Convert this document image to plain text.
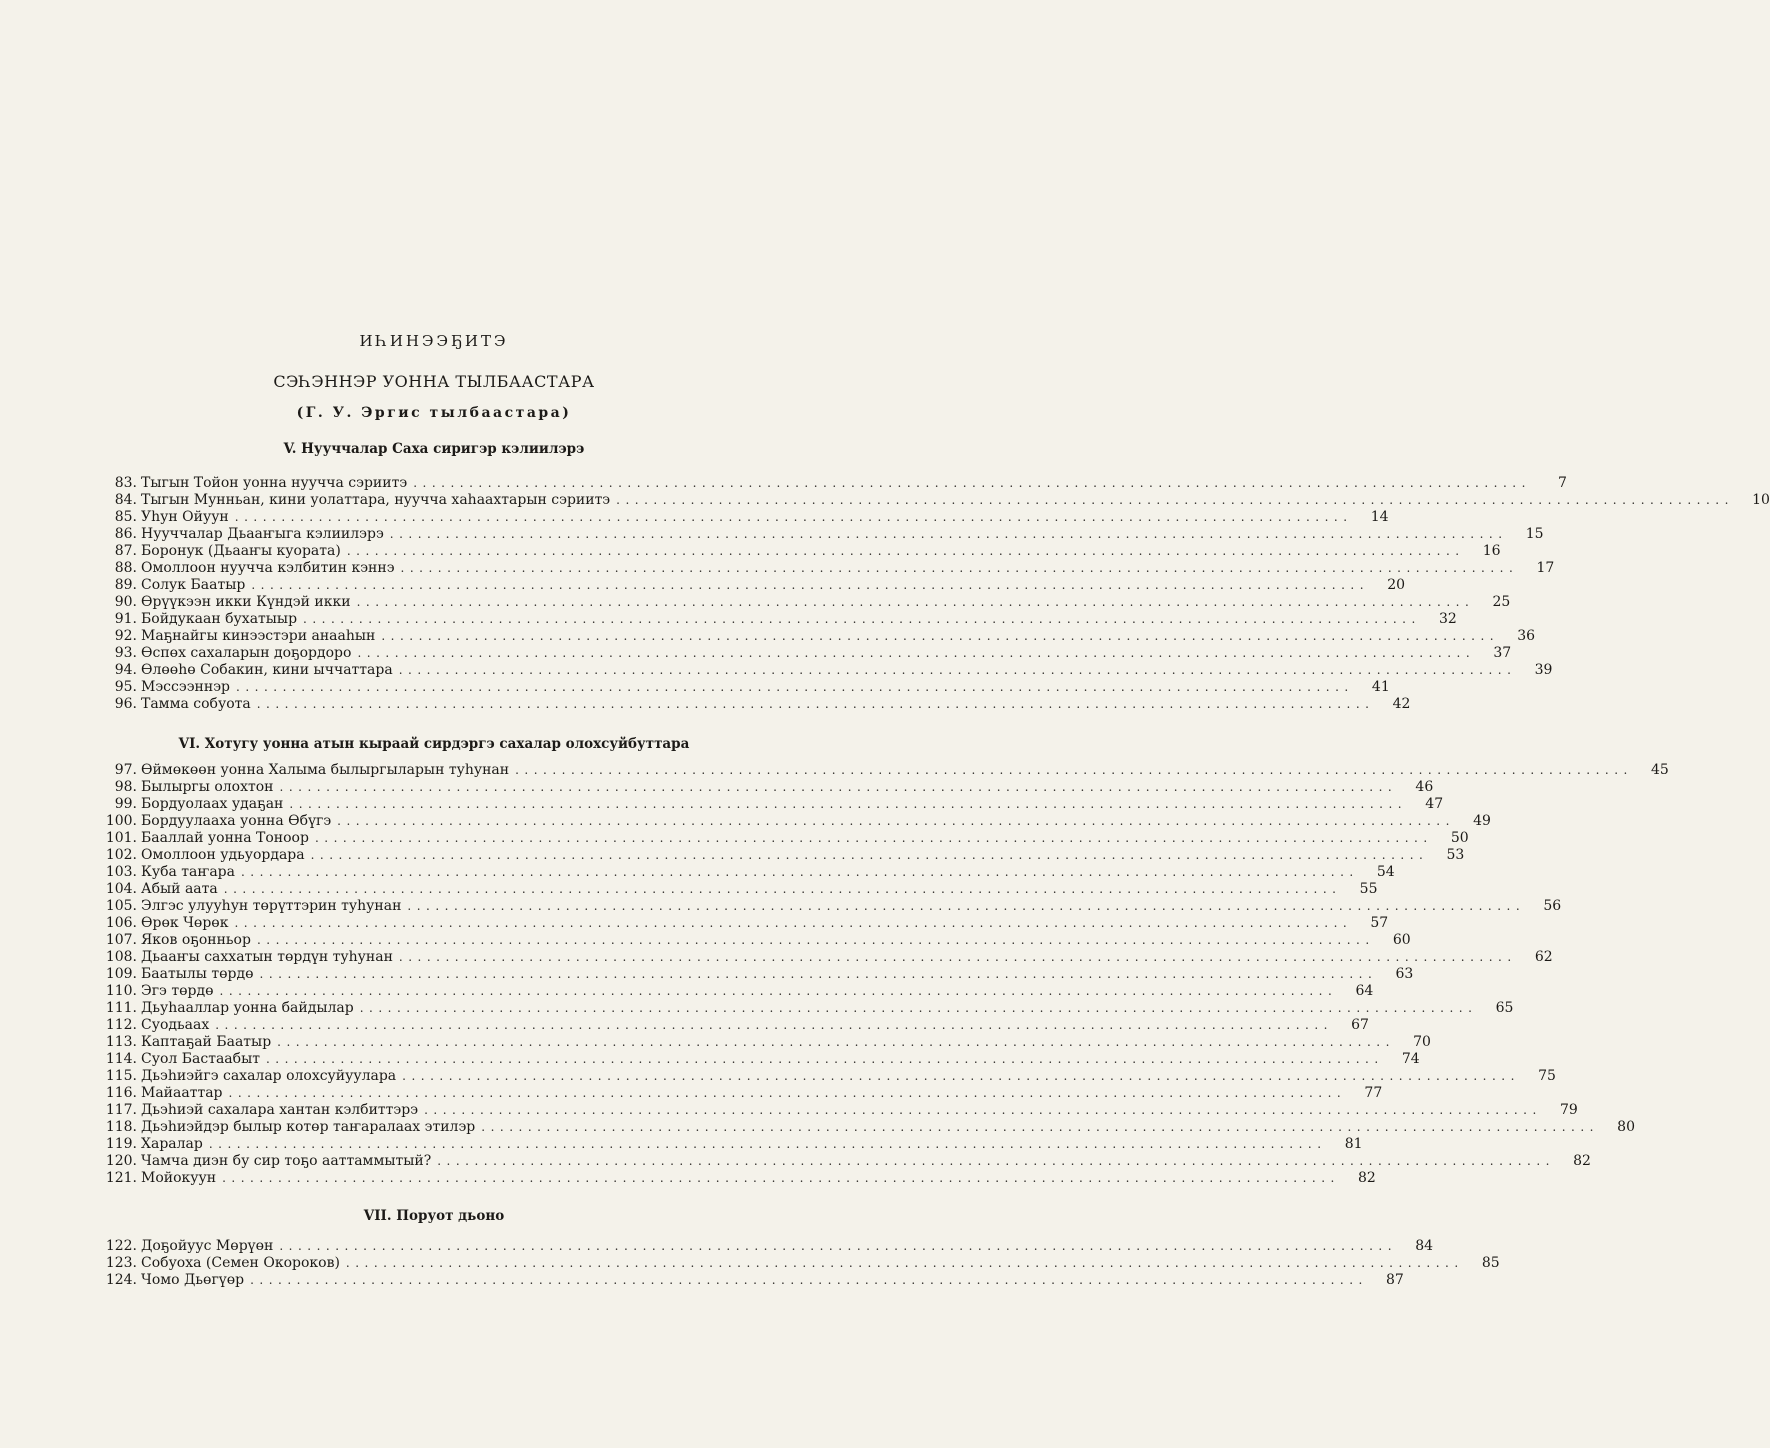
ИҺИНЭЭҔИТЭ
СЭҺЭННЭР УОННА ТЫЛБААСТАРА
(Г. У. Эргис тылбаастара)
V. Нууччалар Саха сиригэр кэлиилэрэ
83. Тыгын Тойон уонна нуучча сэриитэ ........................................................................................................................	7
84. Тыгын Мунньан, кини уолаттара, нуучча хаһаахтарын сэриитэ ........................................................................................................................	10
85. Уһун Ойуун ........................................................................................................................	14
86. Нууччалар Дьааҥыга кэлиилэрэ ........................................................................................................................	15
87. Боронук (Дьааҥы куората) ........................................................................................................................	16
88. Омоллоон нуучча кэлбитин кэннэ ........................................................................................................................	17
89. Солук Баатыр ........................................................................................................................	20
90. Өрүүкээн икки Күндэй икки ........................................................................................................................	25
91. Бойдукаан бухатыыр ........................................................................................................................	32
92. Маҕнайгы кинээстэри анааһын ........................................................................................................................	36
93. Өспөх сахаларын доҕордоро ........................................................................................................................	37
94. Өлөөһө Собакин, кини ыччаттара ........................................................................................................................	39
95. Мэссээннэр ........................................................................................................................	41
96. Тамма собуота ........................................................................................................................	42
VI. Хотугу уонна атын кыраай сирдэргэ сахалар олохсуйбуттара
97. Өймөкөөн уонна Халыма былыргыларын туһунан ........................................................................................................................	45
98. Былыргы олохтон ........................................................................................................................	46
99. Бордуолаах удаҕан ........................................................................................................................	47
100. Бордуулааха уонна Өбүгэ ........................................................................................................................	49
101. Бааллай уонна Тоноор ........................................................................................................................	50
102. Омоллоон удьуордара ........................................................................................................................	53
103. Куба таҥара ........................................................................................................................	54
104. Абый аата ........................................................................................................................	55
105. Элгэс улууһун төрүттэрин туһунан ........................................................................................................................	56
106. Өрөк Чөрөк ........................................................................................................................	57
107. Яков оҕонньор ........................................................................................................................	60
108. Дьааҥы саххатын төрдүн туһунан ........................................................................................................................	62
109. Баатылы төрдө ........................................................................................................................	63
110. Эгэ төрдө ........................................................................................................................	64
111. Дьуһааллар уонна байдылар ........................................................................................................................	65
112. Суодьаах ........................................................................................................................	67
113. Каптаҕай Баатыр ........................................................................................................................	70
114. Суол Бастаабыт ........................................................................................................................	74
115. Дьэһиэйгэ сахалар олохсуйуулара ........................................................................................................................	75
116. Майааттар ........................................................................................................................	77
117. Дьэһиэй сахалара хантан кэлбиттэрэ ........................................................................................................................	79
118. Дьэһиэйдэр былыр котөр таҥаралаах этилэр ........................................................................................................................	80
119. Харалар ........................................................................................................................	81
120. Чамча диэн бу сир тоҕо ааттаммытый? ........................................................................................................................	82
121. Мойокуун ........................................................................................................................	82
VII. Поруот дьоно
122. Доҕойуус Мөрүөн ........................................................................................................................	84
123. Собуоха (Семен Окороков) ........................................................................................................................	85
124. Чомо Дьөгүөр ........................................................................................................................	87
